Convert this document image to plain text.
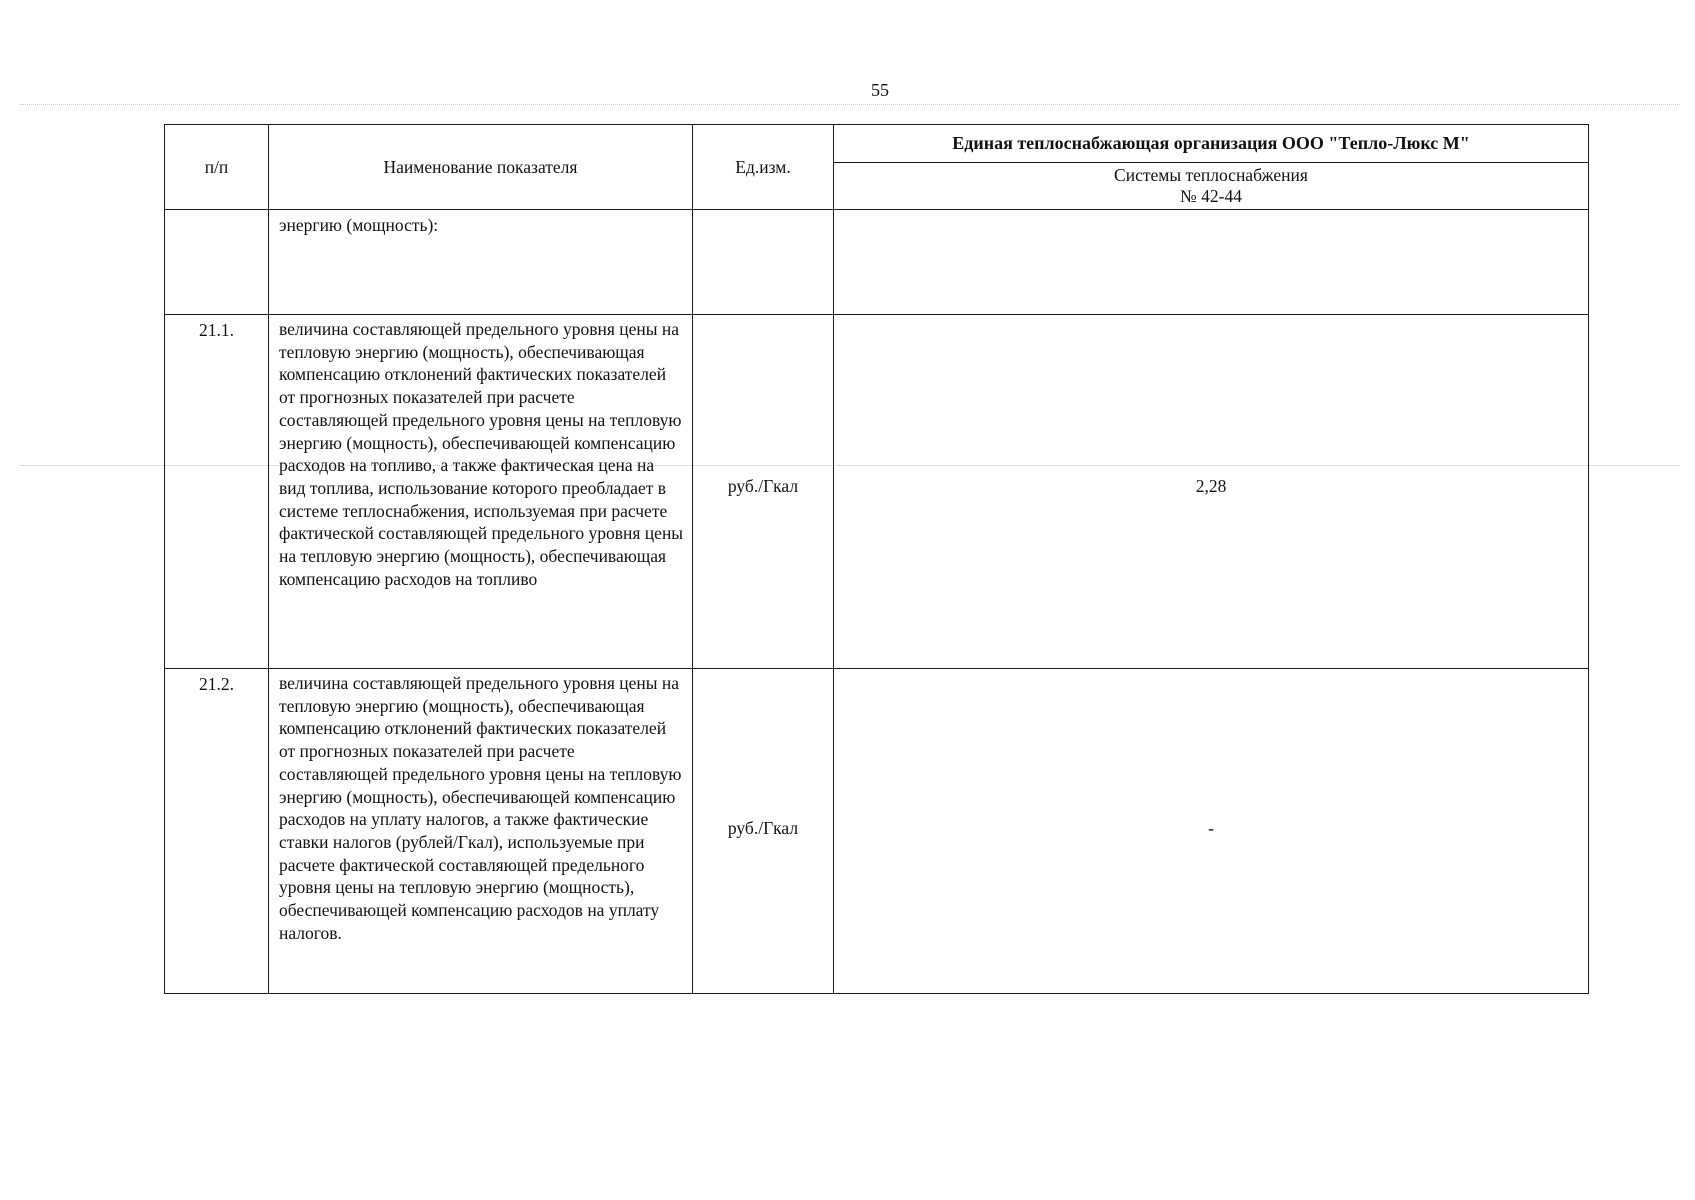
55
п/п	Наименование показателя	Ед.изм.	Единая теплоснабжающая организация ООО "Тепло-Люкс М"

			Системы теплоснабжения
№ 42-44

	энергию (мощность):		
21.1.	величина составляющей предельного уровня цены на тепловую энергию (мощность), обеспечивающая компенсацию отклонений фактических показателей от прогнозных показателей при расчете составляющей предельного уровня цены на тепловую энергию (мощность), обеспечивающей компенсацию расходов на топливо, а также фактическая цена на вид топлива, использование которого преобладает в системе теплоснабжения, используемая при расчете фактической составляющей предельного уровня цены на тепловую энергию (мощность), обеспечивающая компенсацию расходов на топливо	руб./Гкал	2,28
21.2.	величина составляющей предельного уровня цены на тепловую энергию (мощность), обеспечивающая компенсацию отклонений фактических показателей от прогнозных показателей при расчете составляющей предельного уровня цены на тепловую энергию (мощность), обеспечивающей компенсацию расходов на уплату налогов, а также фактические ставки налогов (рублей/Гкал), используемые при расчете фактической составляющей предельного уровня цены на тепловую энергию (мощность), обеспечивающей компенсацию расходов на уплату налогов.	руб./Гкал	-
